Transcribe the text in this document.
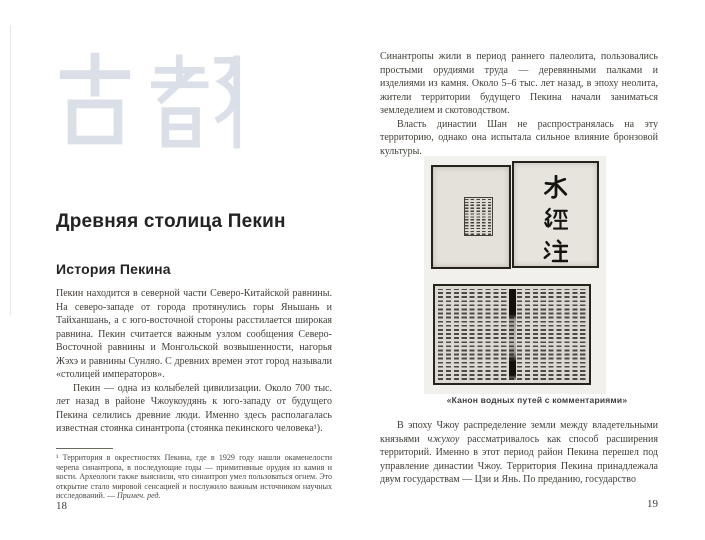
Древняя столица Пекин
История Пекина

Пекин находится в северной части Северо-Китайской равнины. На северо-западе от города протянулись горы Яньшань и Тайханшань, а с юго-восточной стороны расстилается широкая равнина. Пекин считается важным узлом сообщения Северо-Восточной равнины и Монгольской возвышенности, нагорья Жэхэ и равнины Сунляо. С древних времен этот город называли «столицей императоров».

Пекин — одна из колыбелей цивилизации. Около 700 тыс. лет назад в районе Чжоукоудянь к юго-западу от будущего Пекина селились древние люди. Именно здесь располагалась известная стоянка синантропа (стоянка пекинского человека¹).

¹ Территория в окрестностях Пекина, где в 1929 году нашли окаменелости черепа синантропа, в последующие годы — примитивные орудия из камня и кости. Археологи также выяснили, что синантроп умел пользоваться огнем. Это открытие стало мировой сенсацией и послужило важным источником научных исследований. — Примеч. ред.

18

Синантропы жили в период раннего палеолита, пользовались простыми орудиями труда — деревянными палками и изделиями из камня. Около 5–6 тыс. лет назад, в эпоху неолита, жители территории будущего Пекина начали заниматься земледелием и скотоводством.

Власть династии Шан не распространялась на эту территорию, однако она испытала сильное влияние бронзовой культуры.

«Канон водных путей с комментариями»

В эпоху Чжоу распределение земли между владетельными князьями чжухоу рассматривалось как способ расширения территорий. Именно в этот период район Пекина перешел под управление династии Чжоу. Территория Пекина принадлежала двум государствам — Цзи и Янь. По преданию, государство

19
